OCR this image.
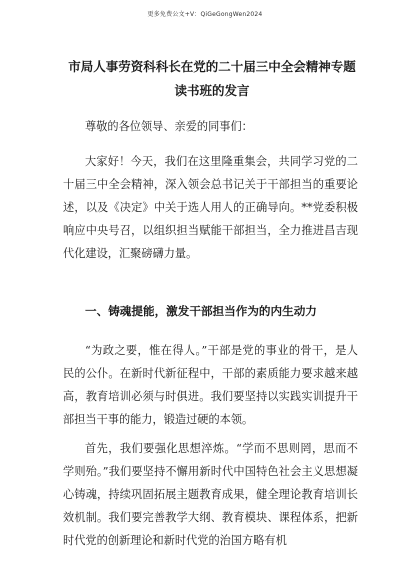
更多免费公文+V：QiGeGongWen2024
市局人事劳资科科长在党的二十届三中全会精神专题读书班的发言
尊敬的各位领导、亲爱的同事们：
大家好！今天，我们在这里隆重集会，共同学习党的二十届三中全会精神，深入领会总书记关于干部担当的重要论述，以及《决定》中关于选人用人的正确导向。**党委积极响应中央号召，以组织担当赋能干部担当，全力推进昌吉现代化建设，汇聚磅礴力量。
一、铸魂提能，激发干部担当作为的内生动力
“为政之要，惟在得人。”干部是党的事业的骨干，是人民的公仆。在新时代新征程中，干部的素质能力要求越来越高，教育培训必须与时俱进。我们要坚持以实践实训提升干部担当干事的能力，锻造过硬的本领。
首先，我们要强化思想淬炼。“学而不思则罔，思而不学则殆。”我们要坚持不懈用新时代中国特色社会主义思想凝心铸魂，持续巩固拓展主题教育成果，健全理论教育培训长效机制。我们要完善教学大纲、教育模块、课程体系，把新时代党的创新理论和新时代党的治国方略有机
